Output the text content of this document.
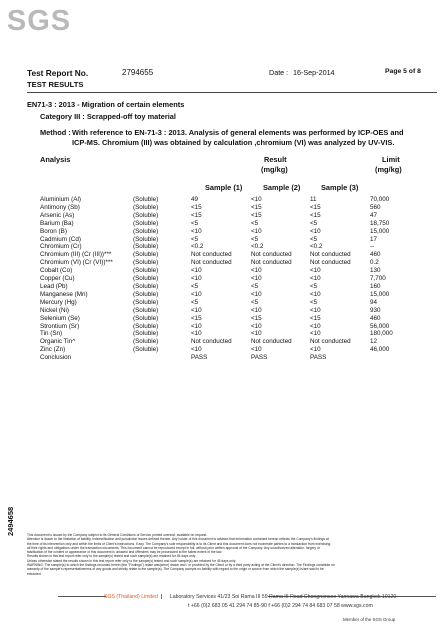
SGS
Test Report No.	2794655	Date : 16-Sep-2014	Page 5 of 8
TEST RESULTS
EN71-3 : 2013 - Migration of certain elements
Category III : Scrapped-off toy material
Method : With reference to EN-71-3 : 2013. Analysis of general elements was performed by ICP-OES and
ICP-MS. Chromium (III) was obtained by calculation ,chromium (VI) was analyzed by UV-VIS.
Analysis	Result
(mg/kg)
Limit
(mg/kg)
Sample (1)	Sample (2)	Sample (3)
Aluminium (Al)	(Soluble)	49	<10	11	70,000
Antimony (Sb)	(Soluble)	<15	<15	<15	560
Arsenic (As)	(Soluble)	<15	<15	<15	47
Barium (Ba)	(Soluble)	<5	<5	<5	18,750
Boron (B)	(Soluble)	<10	<10	<10	15,000
Cadmium (Cd)	(Soluble)	<5	<5	<5	17
Chromium (Cr)	(Soluble)	<0.2	<0.2	<0.2	--
Chromium (III) (Cr (III))***	(Soluble)	Not conducted	Not conducted	Not conducted	460
Chromium (VI) (Cr (VI))***	(Soluble)	Not conducted	Not conducted	Not conducted	0.2
Cobalt (Co)	(Soluble)	<10	<10	<10	130
Copper (Cu)	(Soluble)	<10	<10	<10	7,700
Lead (Pb)	(Soluble)	<5	<5	<5	160
Manganese (Mn)	(Soluble)	<10	<10	<10	15,000
Mercury (Hg)	(Soluble)	<5	<5	<5	94
Nickel (Ni)	(Soluble)	<10	<10	<10	930
Selenium (Se)	(Soluble)	<15	<15	<15	460
Strontium (Sr)	(Soluble)	<10	<10	<10	56,000
Tin (Sn)	(Soluble)	<10	<10	<10	180,000
Organic Tin^	(Soluble)	Not conducted	Not conducted	Not conducted	12
Zinc (Zn)	(Soluble)	<10	<10	<10	46,000
Conclusion		PASS	PASS	PASS	
2494658	This document is issued by the Company subject to its General Conditions of Service printed overleaf, available on request.

Attention is drawn to the limitation of liability, indemnification and jurisdiction issues defined therein. Any holder of this document is advised that information contained hereon reflects the Company's findings at

the time of its intervention only and within the limits of Client's instructions, if any. The Company's sole responsibility is to its Client and this document does not exonerate parties to a transaction from exercising

all their rights and obligations under the transaction documents. This document cannot be reproduced except in full, without prior written approval of the Company. Any unauthorized alteration, forgery or

falsification of the content or appearance of this document is unlawful and offenders may be prosecuted to the fullest extent of the law.

Results shown in this test report refer only to the sample(s) tested and such sample(s) are retained for 45 days only.

Unless otherwise stated the results shown in this test report refer only to the sample(s) tested and such sample(s) are retained for 45 days only.

WARNING: The sample(s) to which the findings recorded herein (the "Findings") relate was(were) drawn and / or provided by the Client or by a third party acting at the Client's direction. The Findings constitute no

warranty of the sample's representativeness of any goods and strictly relate to the sample(s). The Company accepts no liability with regard to the origin or source from which the sample(s) is/are said to be

extracted.

SGS (Thailand) Limited Laboratory Services 41/23 Soi Rama III 59 Rama III Road Chongnonsee Yannawa Bangkok 10120
t +66 (0)2 683 05 41 294 74 85-90 f +66 (0)2 294 74 84 683 07 58 www.sgs.com
Member of the SGS Group
